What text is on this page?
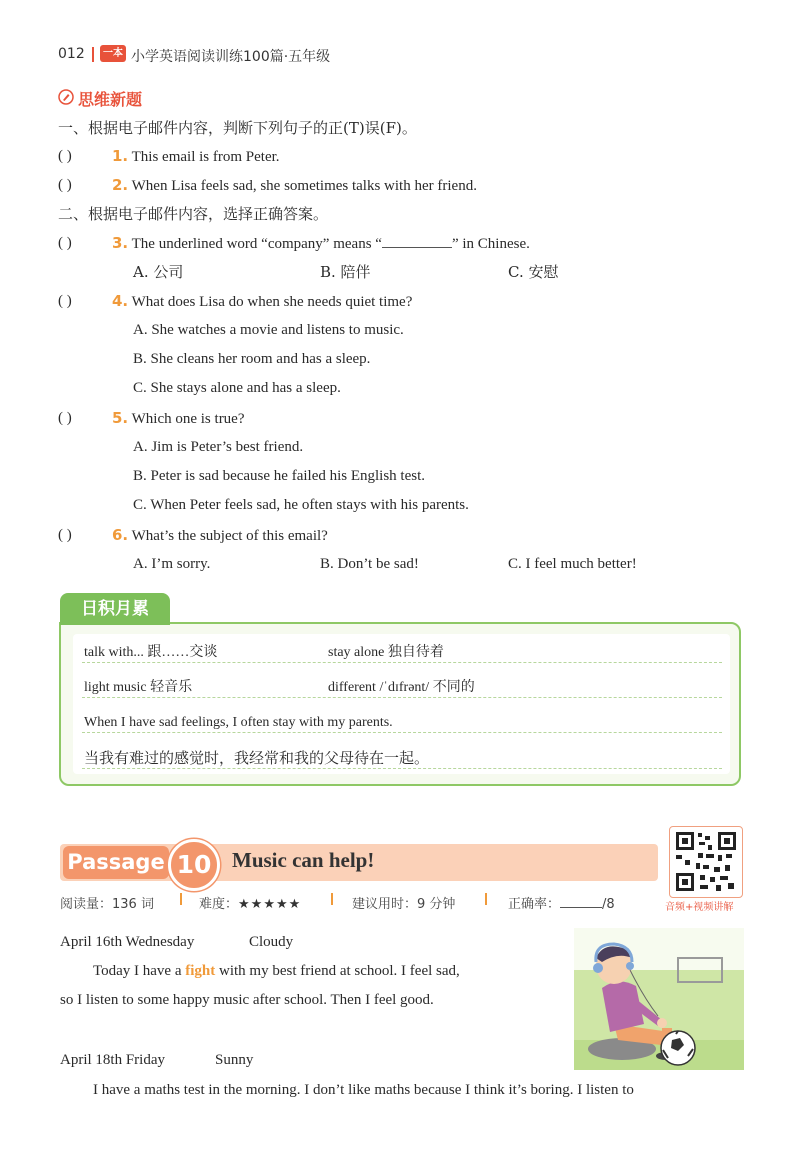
012	一本 小学英语阅读训练100篇·五年级
思维新题
一、根据电子邮件内容，判断下列句子的正(T)误(F)。
( )	1. This email is from Peter.
( )	2. When Lisa feels sad, she sometimes talks with her friend.
二、根据电子邮件内容，选择正确答案。
( )	3. The underlined word “company” means “	” in Chinese.
A. 公司	B. 陪伴	C. 安慰
( )	4. What does Lisa do when she needs quiet time?
A. She watches a movie and listens to music.
B. She cleans her room and has a sleep.
C. She stays alone and has a sleep.
( )	5. Which one is true?
A. Jim is Peter’s best friend.
B. Peter is sad because he failed his English test.
C. When Peter feels sad, he often stays with his parents.
( )	6. What’s the subject of this email?
A. I’m sorry.	B. Don’t be sad!	C. I feel much better!
日积月累
talk with... 跟……交谈	stay alone 独自待着
light music 轻音乐	different /ˈdɪfrənt/ 不同的
When I have sad feelings, I often stay with my parents.
当我有难过的感觉时，我经常和我的父母待在一起。
Passage 10 Music can help!
音频+视频讲解
阅读量：136 词	难度：★★★★★	建议用时：9 分钟	正确率：	/8
April 16th Wednesday	Cloudy
Today I have a fight with my best friend at school. I feel sad,
so I listen to some happy music after school. Then I feel good.
April 18th Friday	Sunny
I have a maths test in the morning. I don’t like maths because I think it’s boring. I listen to
